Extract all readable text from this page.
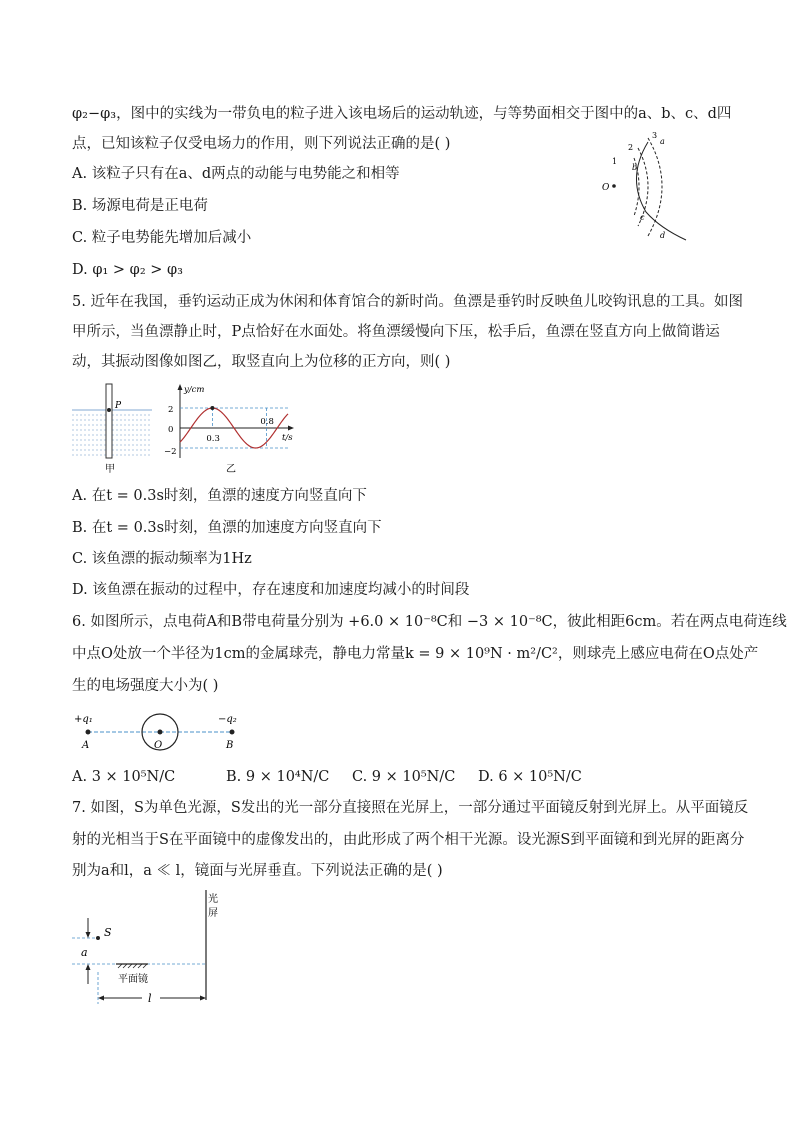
φ₂−φ₃，图中的实线为一带负电的粒子进入该电场后的运动轨迹，与等势面相交于图中的a、b、c、d四
点，已知该粒子仅受电场力的作用，则下列说法正确的是( )
A. 该粒子只有在a、d两点的动能与电势能之和相等
B. 场源电荷是正电荷
C. 粒子电势能先增加后减小
D. φ₁ > φ₂ > φ₃
O
1
2
3
a
b
c
d
5. 近年在我国，垂钓运动正成为休闲和体育馆合的新时尚。鱼漂是垂钓时反映鱼儿咬钩讯息的工具。如图
甲所示，当鱼漂静止时，P点恰好在水面处。将鱼漂缓慢向下压，松手后，鱼漂在竖直方向上做简谐运
动，其振动图像如图乙，取竖直向上为位移的正方向，则( )
P
甲
y/cm
t/s
2
0
−2
0.3
0.8
乙
A. 在t = 0.3s时刻，鱼漂的速度方向竖直向下
B. 在t = 0.3s时刻，鱼漂的加速度方向竖直向下
C. 该鱼漂的振动频率为1Hz
D. 该鱼漂在振动的过程中，存在速度和加速度均减小的时间段
6. 如图所示，点电荷A和B带电荷量分别为 +6.0 × 10⁻⁸C和 −3 × 10⁻⁸C，彼此相距6cm。若在两点电荷连线
中点O处放一个半径为1cm的金属球壳，静电力常量k = 9 × 10⁹N · m²/C²，则球壳上感应电荷在O点处产
生的电场强度大小为( )
+q₁	−q₂
A	O	B
A. 3 × 10⁵N/C	B. 9 × 10⁴N/C C. 9 × 10⁵N/C D. 6 × 10⁵N/C
7. 如图，S为单色光源，S发出的光一部分直接照在光屏上，一部分通过平面镜反射到光屏上。从平面镜反
射的光相当于S在平面镜中的虚像发出的，由此形成了两个相干光源。设光源S到平面镜和到光屏的距离分
别为a和l，a ≪ l，镜面与光屏垂直。下列说法正确的是( )
光
屏
S
a
平面镜
l
